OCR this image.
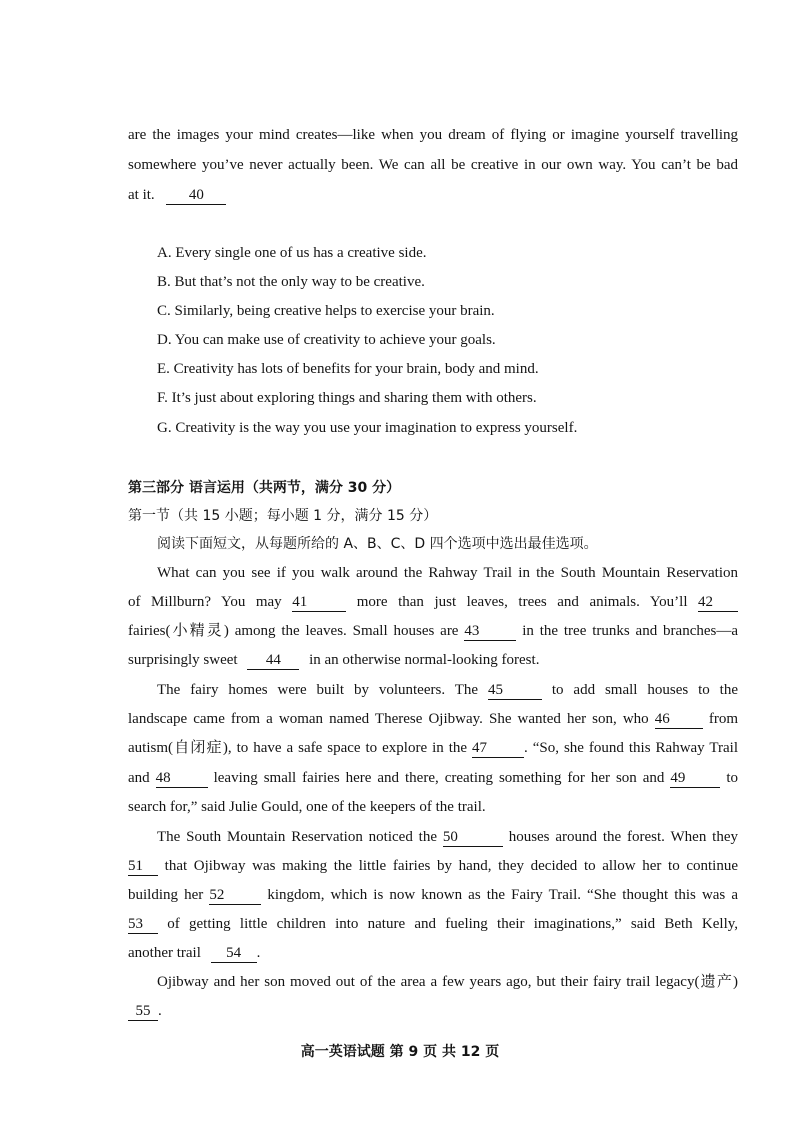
are the images your mind creates—like when you dream of flying or imagine yourself travelling
somewhere you’ve never actually been. We can all be creative in our own way. You can’t be bad
at it. 40
A. Every single one of us has a creative side.
B. But that’s not the only way to be creative.
C. Similarly, being creative helps to exercise your brain.
D. You can make use of creativity to achieve your goals.
E. Creativity has lots of benefits for your brain, body and mind.
F. It’s just about exploring things and sharing them with others.
G. Creativity is the way you use your imagination to express yourself.
第三部分 语言运用（共两节，满分 30 分）
第一节（共 15 小题；每小题 1 分，满分 15 分）
阅读下面短文，从每题所给的 A、B、C、D 四个选项中选出最佳选项。
What can you see if you walk around the Rahway Trail in the South Mountain Reservation
of Millburn? You may 41	more than just leaves, trees and animals. You’ll 42
fairies(小精灵) among the leaves. Small houses are 43	in the tree trunks and branches—a
surprisingly sweet 44 in an otherwise normal-looking forest.
The fairy homes were built by volunteers. The 45	to add small houses to the
landscape came from a woman named Therese Ojibway. She wanted her son, who 46	from
autism(自闭症), to have a safe space to explore in the 47 . “So, she found this Rahway Trail
and 48	leaving small fairies here and there, creating something for her son and 49	to
search for,” said Julie Gould, one of the keepers of the trail.
The South Mountain Reservation noticed the 50	houses around the forest. When they
51 that Ojibway was making the little fairies by hand, they decided to allow her to continue
building her 52	kingdom, which is now known as the Fairy Trail. “She thought this was a
53 of getting little children into nature and fueling their imaginations,” said Beth Kelly,
another trail 54 .
Ojibway and her son moved out of the area a few years ago, but their fairy trail legacy(遗产)
55 .
高一英语试题 第 9 页 共 12 页
